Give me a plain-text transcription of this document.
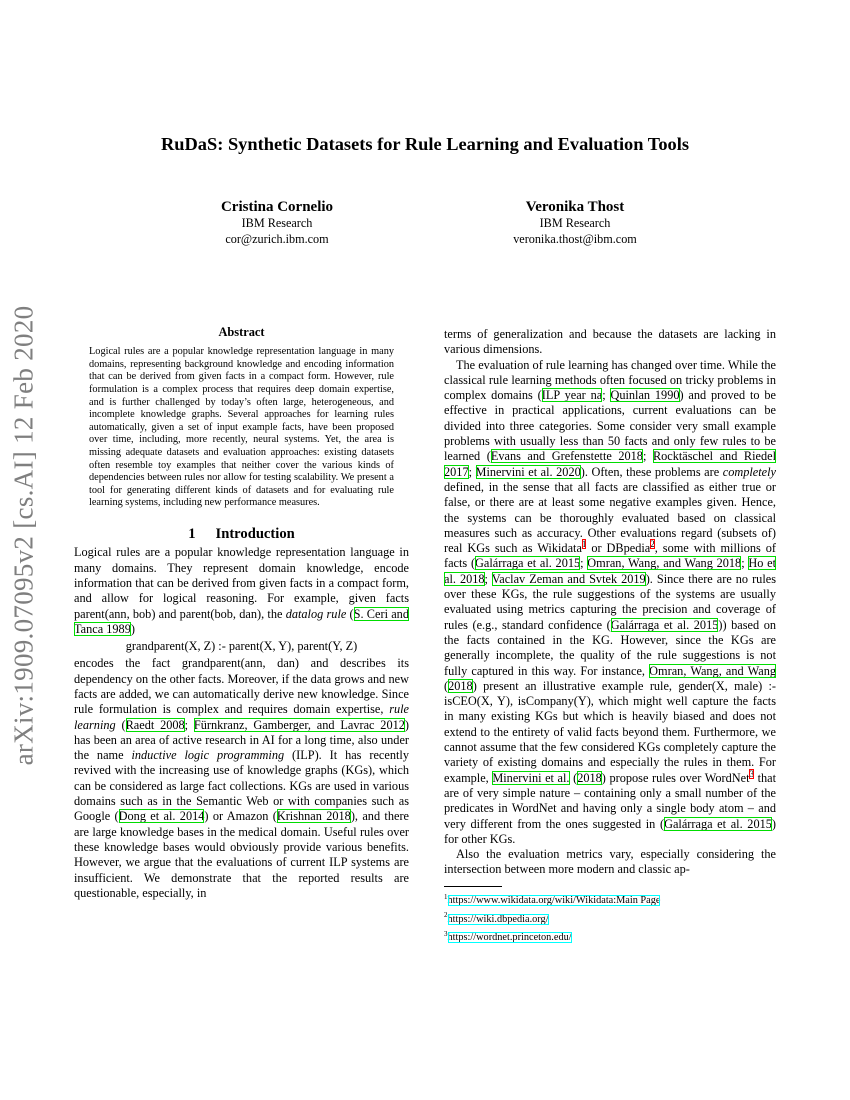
arXiv:1909.07095v2 [cs.AI] 12 Feb 2020
RuDaS: Synthetic Datasets for Rule Learning and Evaluation Tools
Cristina Cornelio
IBM Research
cor@zurich.ibm.com
Veronika Thost
IBM Research
veronika.thost@ibm.com
Abstract

Logical rules are a popular knowledge representation language in many domains, representing background knowledge and encoding information that can be derived from given facts in a compact form. However, rule formulation is a complex process that requires deep domain expertise, and is further challenged by today’s often large, heterogeneous, and incomplete knowledge graphs. Several approaches for learning rules automatically, given a set of input example facts, have been proposed over time, including, more recently, neural systems. Yet, the area is missing adequate datasets and evaluation approaches: existing datasets often resemble toy examples that neither cover the various kinds of dependencies between rules nor allow for testing scalability. We present a tool for generating different kinds of datasets and for evaluating rule learning systems, including new performance measures.

1 Introduction

Logical rules are a popular knowledge representation language in many domains. They represent domain knowledge, encode information that can be derived from given facts in a compact form, and allow for logical reasoning. For example, given facts parent(ann, bob) and parent(bob, dan), the datalog rule (S. Ceri and Tanca 1989)

grandparent(X, Z) :- parent(X, Y), parent(Y, Z)

encodes the fact grandparent(ann, dan) and describes its dependency on the other facts. Moreover, if the data grows and new facts are added, we can automatically derive new knowledge. Since rule formulation is complex and requires domain expertise, rule learning (Raedt 2008; Fürnkranz, Gamberger, and Lavrac 2012) has been an area of active research in AI for a long time, also under the name inductive logic programming (ILP). It has recently revived with the increasing use of knowledge graphs (KGs), which can be considered as large fact collections. KGs are used in various domains such as in the Semantic Web or with companies such as Google (Dong et al. 2014) or Amazon (Krishnan 2018), and there are large knowledge bases in the medical domain. Useful rules over these knowledge bases would obviously provide various benefits. However, we argue that the evaluations of current ILP systems are insufficient. We demonstrate that the reported results are questionable, especially, in

terms of generalization and because the datasets are lacking in various dimensions.

The evaluation of rule learning has changed over time. While the classical rule learning methods often focused on tricky problems in complex domains (ILP year na; Quinlan 1990) and proved to be effective in practical applications, current evaluations can be divided into three categories. Some consider very small example problems with usually less than 50 facts and only few rules to be learned (Evans and Grefenstette 2018; Rocktäschel and Riedel 2017; Minervini et al. 2020). Often, these problems are completely defined, in the sense that all facts are classified as either true or false, or there are at least some negative examples given. Hence, the systems can be thoroughly evaluated based on classical measures such as accuracy. Other evaluations regard (subsets of) real KGs such as Wikidata$^1$ or DBpedia$^2$, some with millions of facts (Galárraga et al. 2015; Omran, Wang, and Wang 2018; Ho et al. 2018; Vaclav Zeman and Svtek 2019). Since there are no rules over these KGs, the rule suggestions of the systems are usually evaluated using metrics capturing the precision and coverage of rules (e.g., standard confidence (Galárraga et al. 2015)) based on the facts contained in the KG. However, since the KGs are generally incomplete, the quality of the rule suggestions is not fully captured in this way. For instance, Omran, Wang, and Wang (2018) present an illustrative example rule, gender(X, male) :- isCEO(X, Y), isCompany(Y), which might well capture the facts in many existing KGs but which is heavily biased and does not extend to the entirety of valid facts beyond them. Furthermore, we cannot assume that the few considered KGs completely capture the variety of existing domains and especially the rules in them. For example, Minervini et al. (2018) propose rules over WordNet$^3$ that are of very simple nature – containing only a small number of the predicates in WordNet and having only a single body atom – and very different from the ones suggested in (Galárraga et al. 2015) for other KGs.

Also the evaluation metrics vary, especially considering the intersection between more modern and classic ap-

$^1$https://www.wikidata.org/wiki/Wikidata:Main Page
$^2$https://wiki.dbpedia.org/
$^3$https://wordnet.princeton.edu/
